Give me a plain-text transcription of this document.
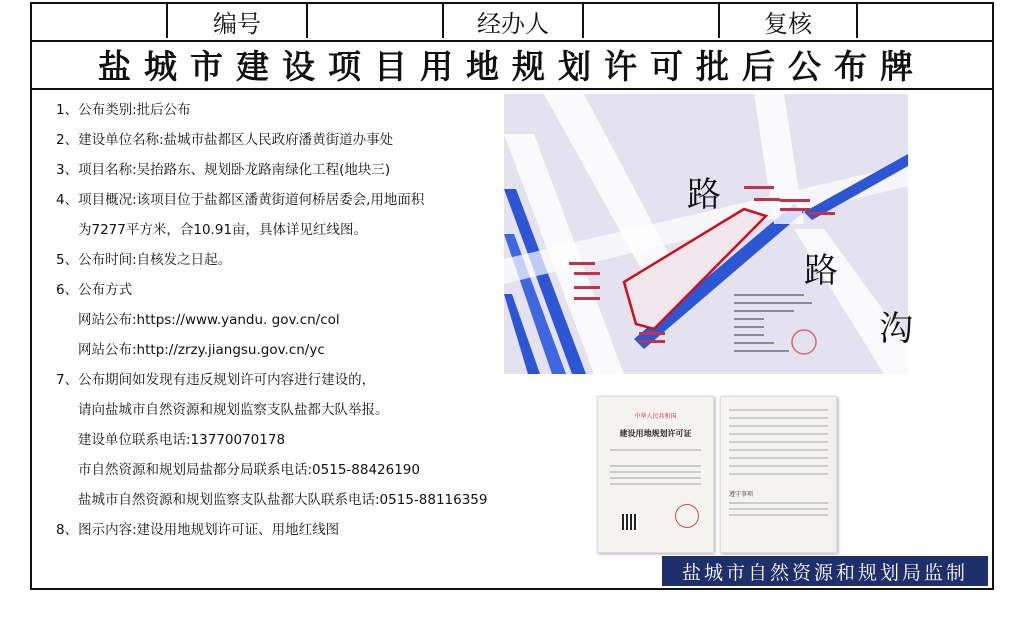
编号	经办人	复核
盐城市建设项目用地规划许可批后公布牌
1、公布类别:批后公布
2、建设单位名称:盐城市盐都区人民政府潘黄街道办事处
3、项目名称:吴抬路东、规划卧龙路南绿化工程(地块三)
4、项目概况:该项目位于盐都区潘黄街道何桥居委会,用地面积
为7277平方米，合10.91亩，具体详见红线图。
5、公布时间:自核发之日起。
6、公布方式
网站公布:https://www.yandu. gov.cn/col
网站公布:http://zrzy.jiangsu.gov.cn/yc
7、公布期间如发现有违反规划许可内容进行建设的，
请向盐城市自然资源和规划监察支队盐都大队举报。
建设单位联系电话:13770070178
市自然资源和规划局盐都分局联系电话:0515-88426190
盐城市自然资源和规划监察支队盐都大队联系电话:0515-88116359
8、图示内容:建设用地规划许可证、用地红线图
路
路
沟
中华人民共和国
建设用地规划许可证
遵守事项
盐城市自然资源和规划局监制
